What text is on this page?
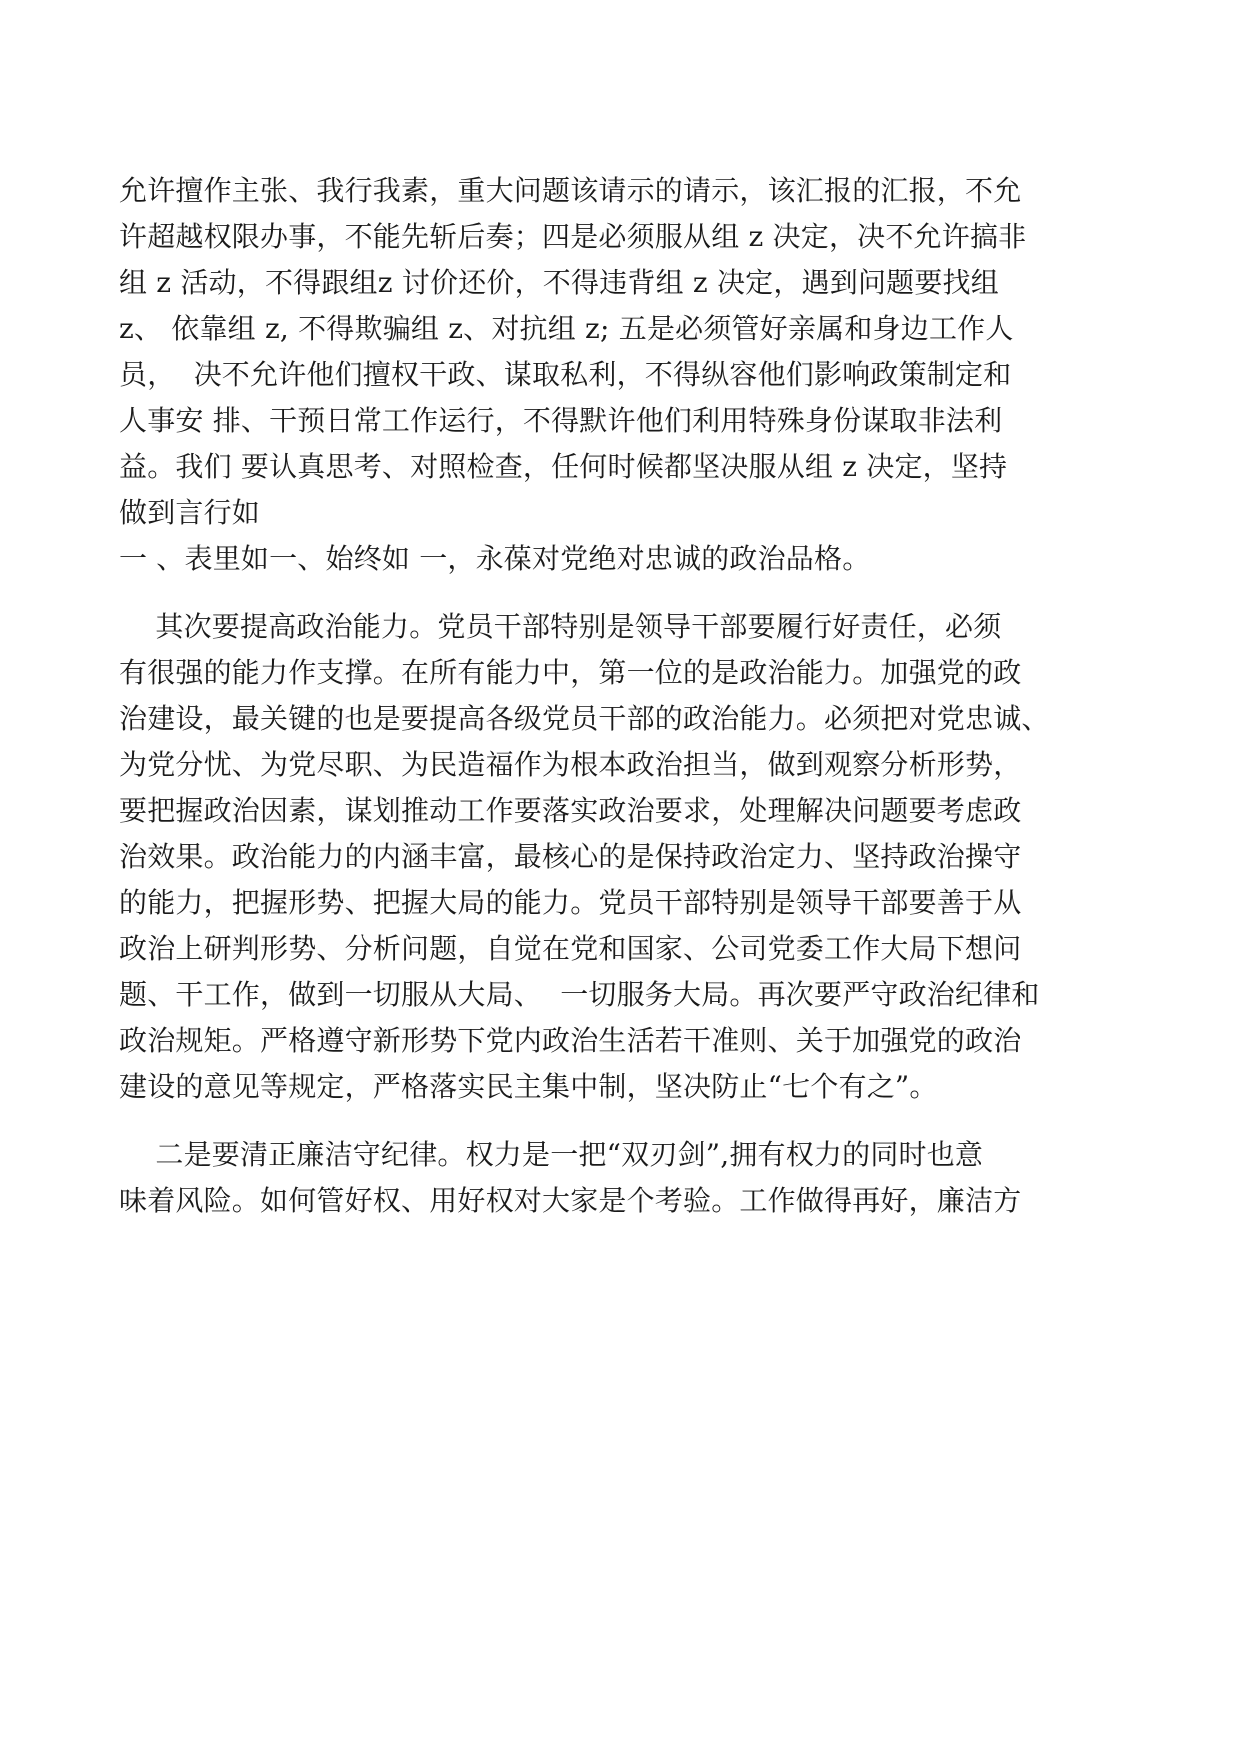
允许擅作主张、我行我素，重大问题该请示的请示，该汇报的汇报，不允
许超越权限办事，不能先斩后奏；四是必须服从组 z 决定，决不允许搞非
组 z 活动，不得跟组z 讨价还价，不得违背组 z 决定，遇到问题要找组
z、 依靠组 z, 不得欺骗组 z、对抗组 z; 五是必须管好亲属和身边工作人
员，  决不允许他们擅权干政、谋取私利，不得纵容他们影响政策制定和
人事安 排、干预日常工作运行，不得默许他们利用特殊身份谋取非法利
益。我们 要认真思考、对照检查，任何时候都坚决服从组 z 决定，坚持
做到言行如
一 、表里如一、始终如 一，永葆对党绝对忠诚的政治品格。
其次要提高政治能力。党员干部特别是领导干部要履行好责任，必须
有很强的能力作支撑。在所有能力中，第一位的是政治能力。加强党的政
治建设，最关键的也是要提高各级党员干部的政治能力。必须把对党忠诚、
为党分忧、为党尽职、为民造福作为根本政治担当，做到观察分析形势，
要把握政治因素，谋划推动工作要落实政治要求，处理解决问题要考虑政
治效果。政治能力的内涵丰富，最核心的是保持政治定力、坚持政治操守
的能力，把握形势、把握大局的能力。党员干部特别是领导干部要善于从
政治上研判形势、分析问题，自觉在党和国家、公司党委工作大局下想问
题、干工作，做到一切服从大局、  一切服务大局。再次要严守政治纪律和
政治规矩。严格遵守新形势下党内政治生活若干准则、关于加强党的政治
建设的意见等规定，严格落实民主集中制，坚决防止“七个有之”。
二是要清正廉洁守纪律。权力是一把“双刃剑”,拥有权力的同时也意
味着风险。如何管好权、用好权对大家是个考验。工作做得再好，廉洁方
